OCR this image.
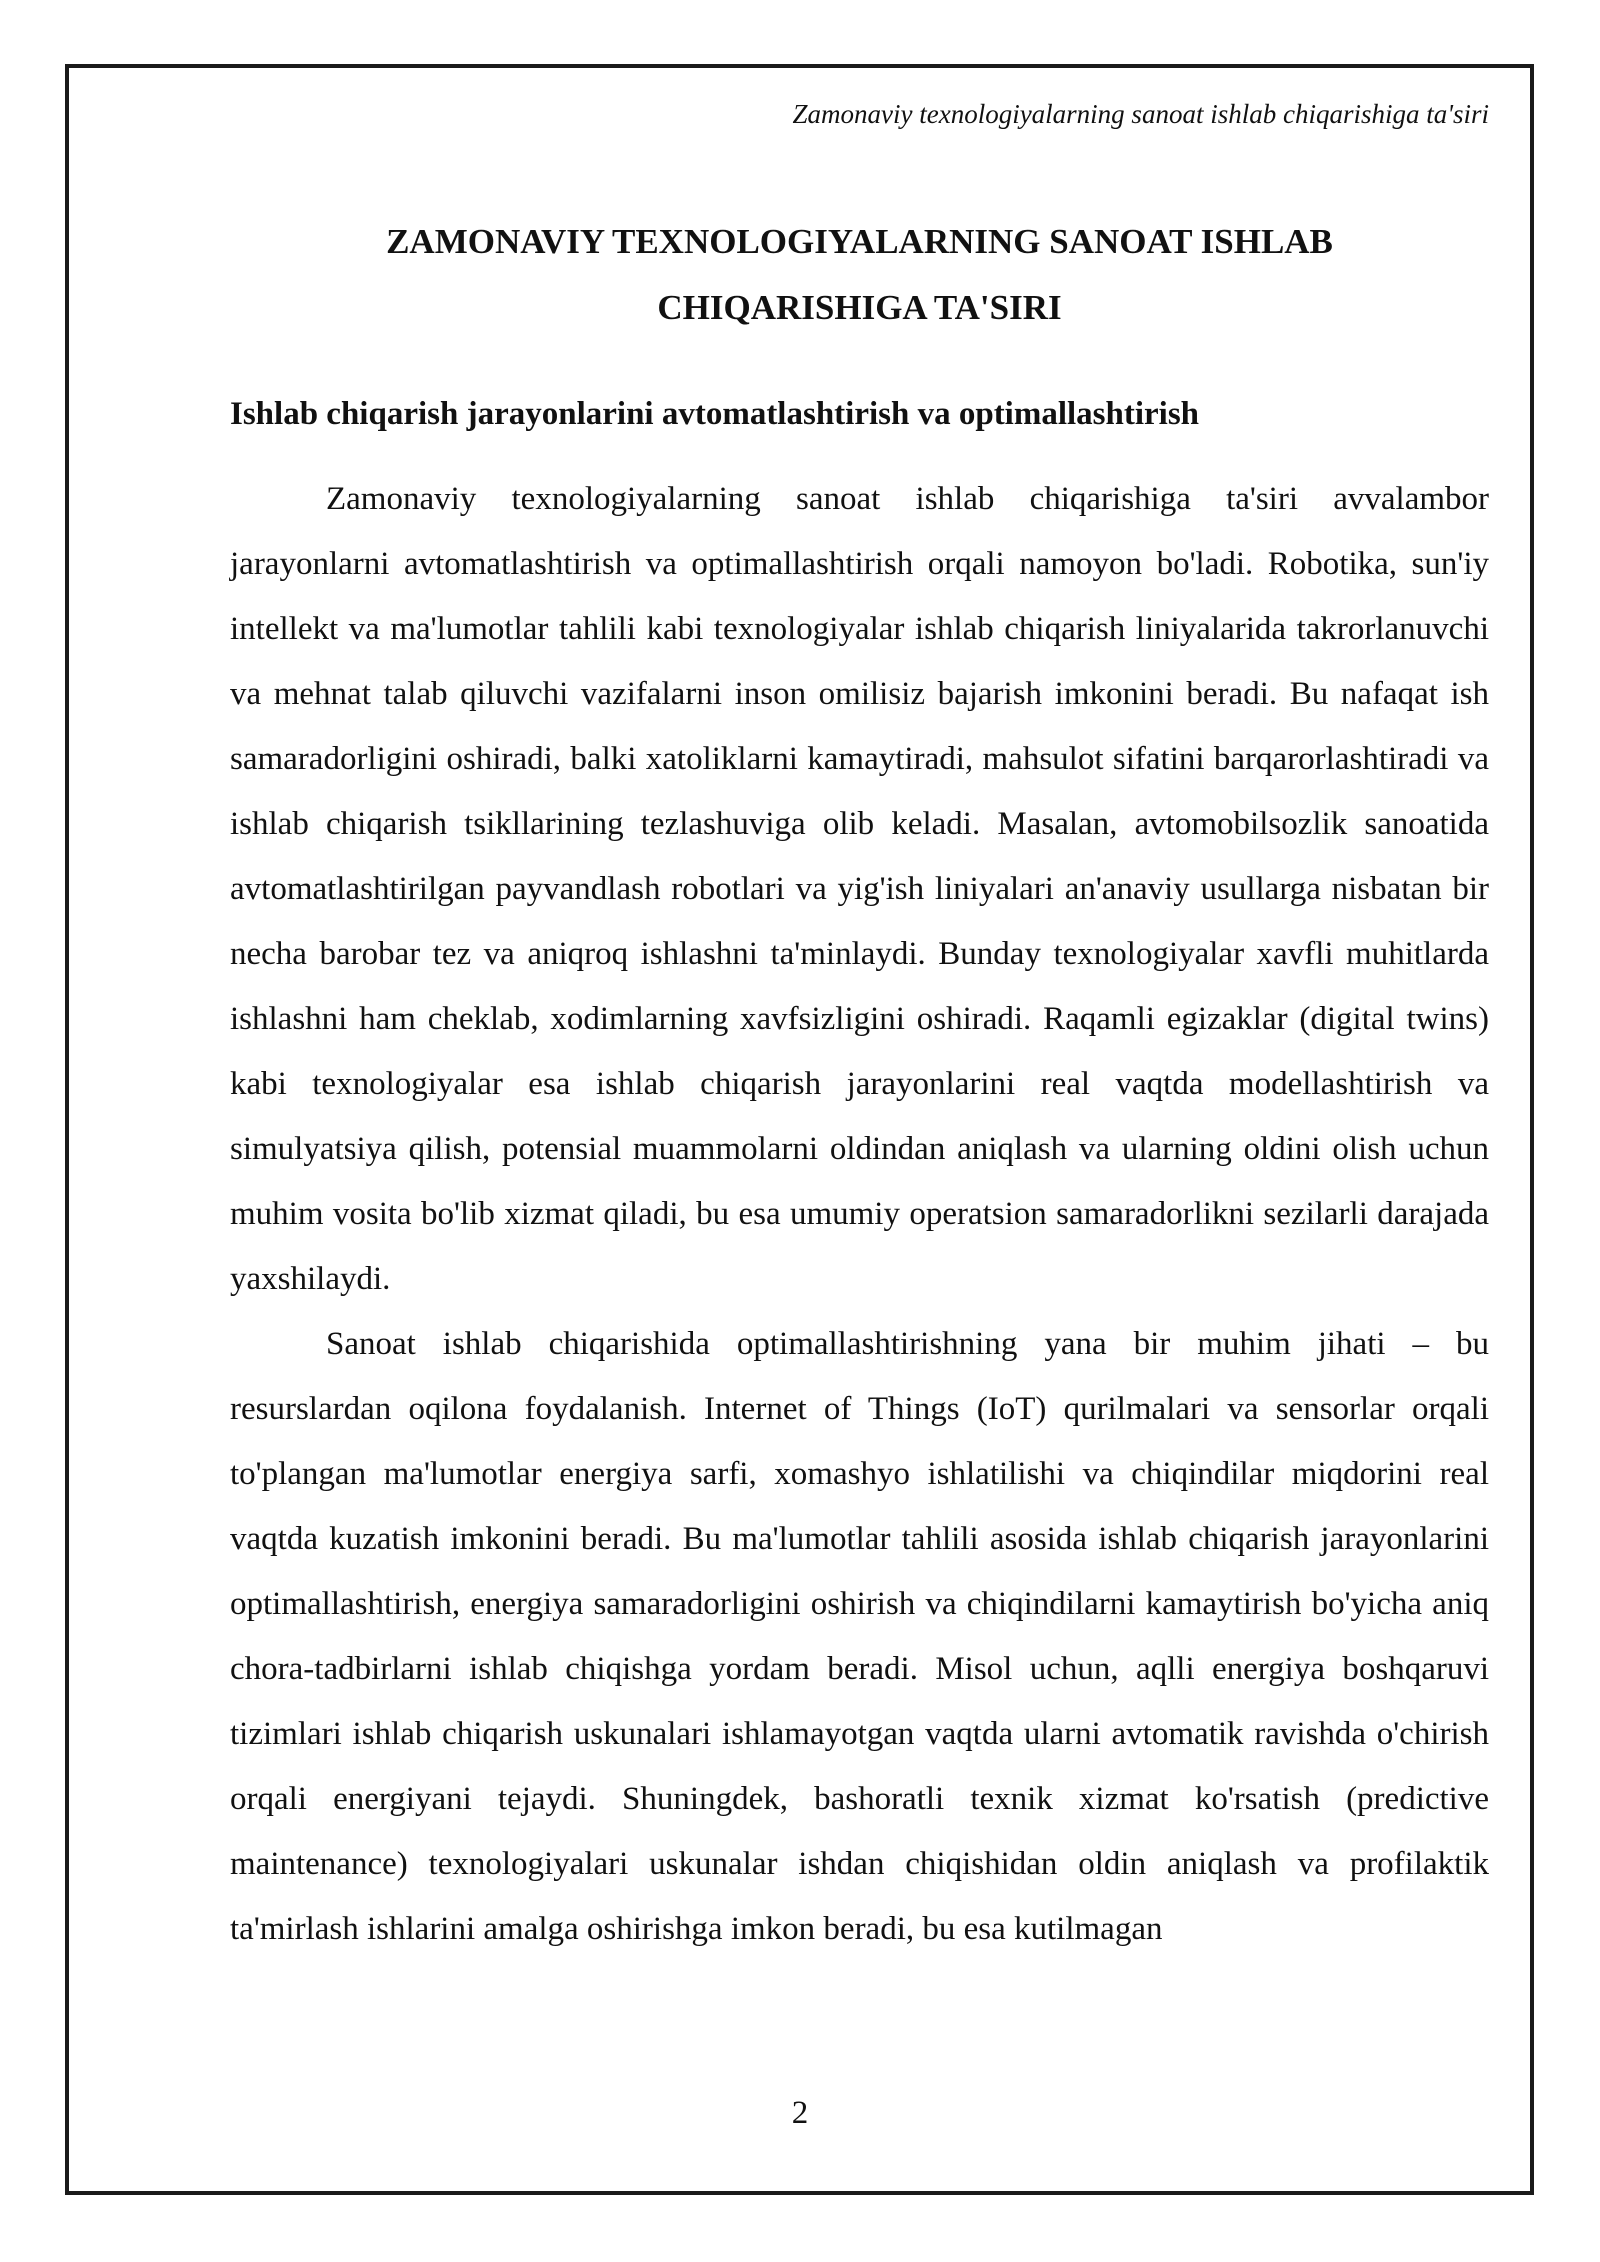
Zamonaviy texnologiyalarning sanoat ishlab chiqarishiga ta'siri
ZAMONAVIY TEXNOLOGIYALARNING SANOAT ISHLAB
CHIQARISHIGA TA'SIRI
Ishlab chiqarish jarayonlarini avtomatlashtirish va optimallashtirish

Zamonaviy texnologiyalarning sanoat ishlab chiqarishiga ta'siri avvalambor jarayonlarni avtomatlashtirish va optimallashtirish orqali namoyon bo'ladi. Robotika, sun'iy intellekt va ma'lumotlar tahlili kabi texnologiyalar ishlab chiqarish liniyalarida takrorlanuvchi va mehnat talab qiluvchi vazifalarni inson omilisiz bajarish imkonini beradi. Bu nafaqat ish samaradorligini oshiradi, balki xatoliklarni kamaytiradi, mahsulot sifatini barqarorlashtiradi va ishlab chiqarish tsikllarining tezlashuviga olib keladi. Masalan, avtomobilsozlik sanoatida avtomatlashtirilgan payvandlash robotlari va yig'ish liniyalari an'anaviy usullarga nisbatan bir necha barobar tez va aniqroq ishlashni ta'minlaydi. Bunday texnologiyalar xavfli muhitlarda ishlashni ham cheklab, xodimlarning xavfsizligini oshiradi. Raqamli egizaklar (digital twins) kabi texnologiyalar esa ishlab chiqarish jarayonlarini real vaqtda modellashtirish va simulyatsiya qilish, potensial muammolarni oldindan aniqlash va ularning oldini olish uchun muhim vosita bo'lib xizmat qiladi, bu esa umumiy operatsion samaradorlikni sezilarli darajada yaxshilaydi.

Sanoat ishlab chiqarishida optimallashtirishning yana bir muhim jihati – bu resurslardan oqilona foydalanish. Internet of Things (IoT) qurilmalari va sensorlar orqali to'plangan ma'lumotlar energiya sarfi, xomashyo ishlatilishi va chiqindilar miqdorini real vaqtda kuzatish imkonini beradi. Bu ma'lumotlar tahlili asosida ishlab chiqarish jarayonlarini optimallashtirish, energiya samaradorligini oshirish va chiqindilarni kamaytirish bo'yicha aniq chora-tadbirlarni ishlab chiqishga yordam beradi. Misol uchun, aqlli energiya boshqaruvi tizimlari ishlab chiqarish uskunalari ishlamayotgan vaqtda ularni avtomatik ravishda o'chirish orqali energiyani tejaydi. Shuningdek, bashoratli texnik xizmat ko'rsatish (predictive maintenance) texnologiyalari uskunalar ishdan chiqishidan oldin aniqlash va profilaktik ta'mirlash ishlarini amalga oshirishga imkon beradi, bu esa kutilmagan

2
